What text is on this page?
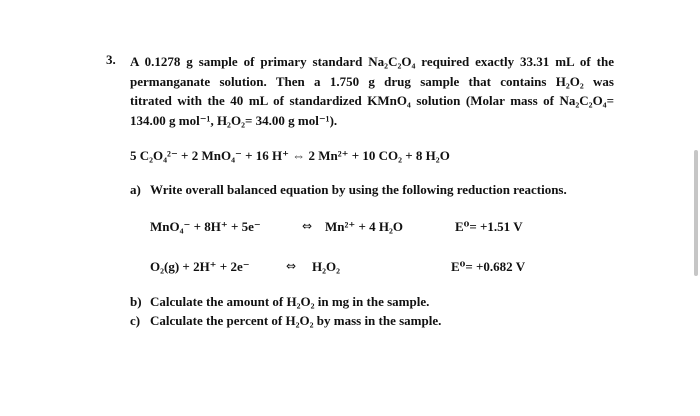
3. A 0.1278 g sample of primary standard Na₂C₂O₄ required exactly 33.31 mL of the
permanganate solution. Then a 1.750 g drug sample that contains H₂O₂ was
titrated with the 40 mL of standardized KMnO₄ solution (Molar mass of Na₂C₂O₄=
134.00 g mol⁻¹, H₂O₂= 34.00 g mol⁻¹).
5 C₂O₄²⁻ + 2 MnO₄⁻ + 16 H⁺ ⇔ 2 Mn²⁺ + 10 CO₂ + 8 H₂O
a) Write overall balanced equation by using the following reduction reactions.
MnO₄⁻ + 8H⁺ + 5e⁻	⇔ Mn²⁺ + 4 H₂O	E⁰= +1.51 V
O₂(g) + 2H⁺ + 2e⁻	⇔ H₂O₂	E⁰= +0.682 V
b) Calculate the amount of H₂O₂ in mg in the sample.
c) Calculate the percent of H₂O₂ by mass in the sample.
